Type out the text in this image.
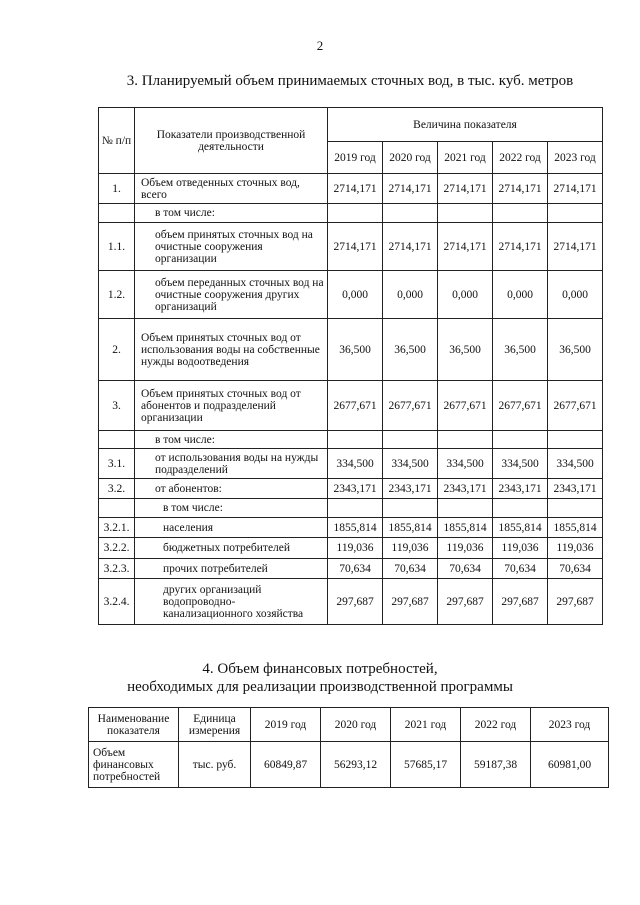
2
3. Планируемый объем принимаемых сточных вод, в тыс. куб. метров
№ п/п	Показатели производственной деятельности	Величина показателя				
		2019 год	2020 год	2021 год	2022 год	2023 год
1.	Объем отведенных сточных вод, всего	2714,171	2714,171	2714,171	2714,171	2714,171
	в том числе:					
1.1.	объем принятых сточных вод на очистные сооружения организации	2714,171	2714,171	2714,171	2714,171	2714,171
1.2.	объем переданных сточных вод на очистные сооружения других организаций	0,000	0,000	0,000	0,000	0,000
2.	Объем принятых сточных вод от использования воды на собственные нужды водоотведения	36,500	36,500	36,500	36,500	36,500
3.	Объем принятых сточных вод от абонентов и подразделений организации	2677,671	2677,671	2677,671	2677,671	2677,671
	в том числе:					
3.1.	от использования воды на нужды подразделений	334,500	334,500	334,500	334,500	334,500
3.2.	от абонентов:	2343,171	2343,171	2343,171	2343,171	2343,171
	в том числе:					
3.2.1.	населения	1855,814	1855,814	1855,814	1855,814	1855,814
3.2.2.	бюджетных потребителей	119,036	119,036	119,036	119,036	119,036
3.2.3.	прочих потребителей	70,634	70,634	70,634	70,634	70,634
3.2.4.	других организаций водопроводно-канализационного хозяйства	297,687	297,687	297,687	297,687	297,687
4. Объем финансовых потребностей,
необходимых для реализации производственной программы
Наименование показателя	Единица измерения	2019 год	2020 год	2021 год	2022 год	2023 год
Объем финансовых потребностей	тыс. руб.	60849,87	56293,12	57685,17	59187,38	60981,00
